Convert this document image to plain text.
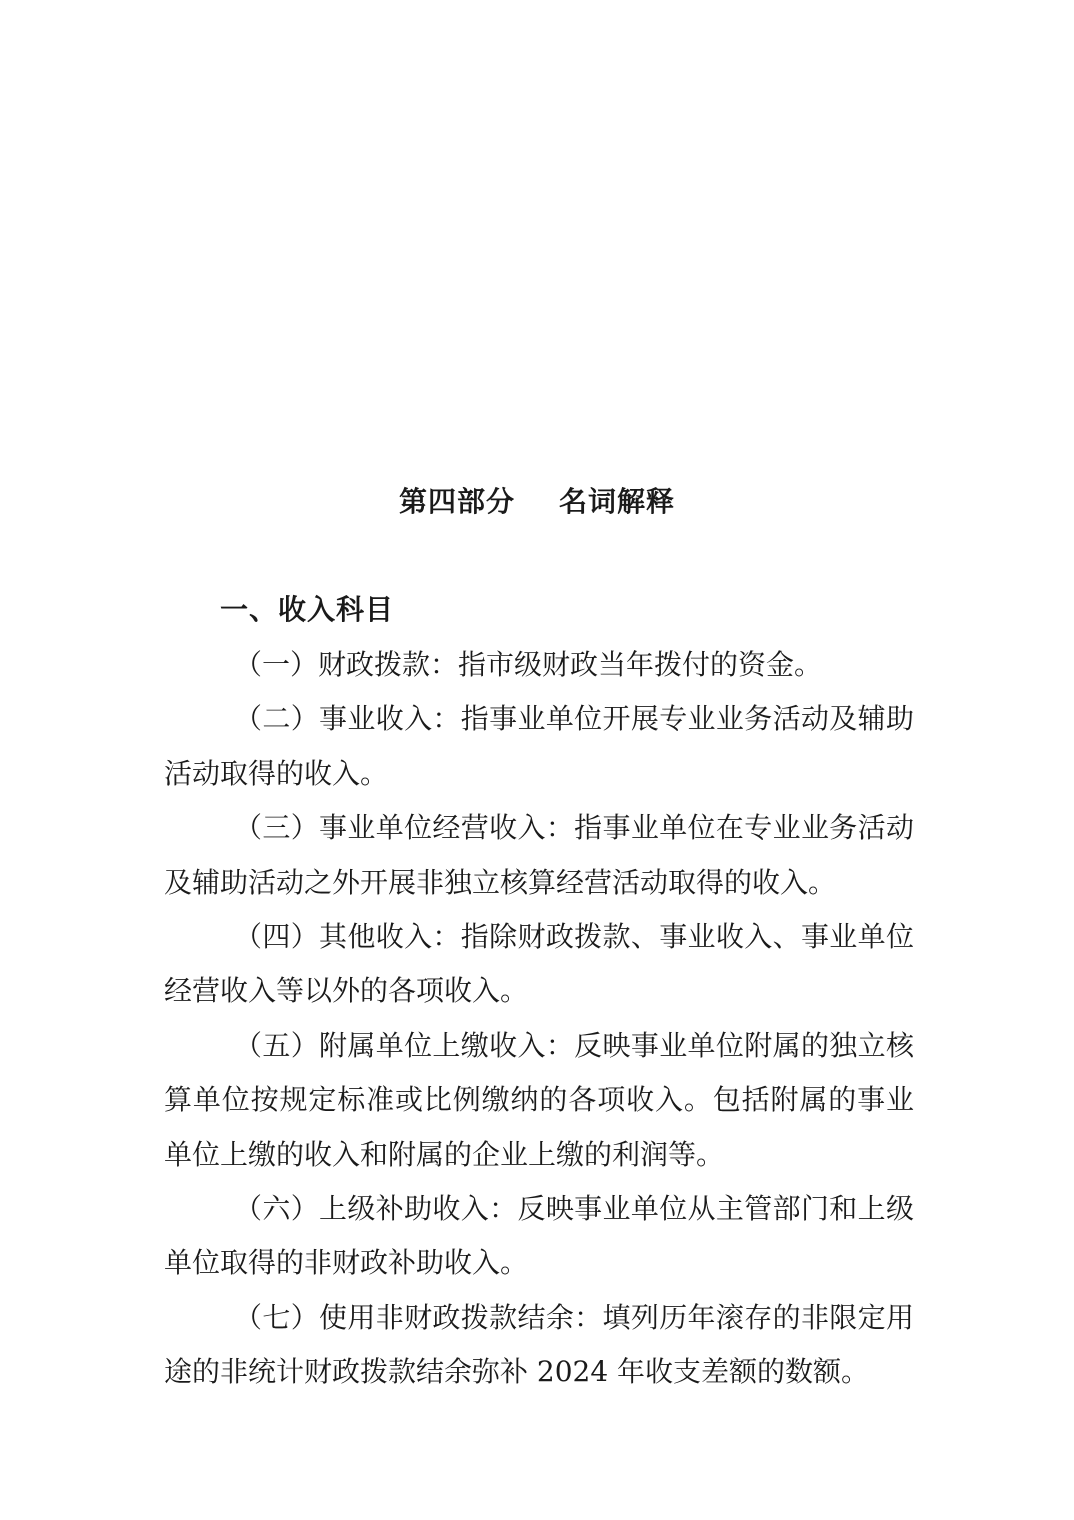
第四部分 名词解释
一、收入科目

（一）财政拨款：指市级财政当年拨付的资金。

（二）事业收入：指事业单位开展专业业务活动及辅助活动取得的收入。

（三）事业单位经营收入：指事业单位在专业业务活动及辅助活动之外开展非独立核算经营活动取得的收入。

（四）其他收入：指除财政拨款、事业收入、事业单位经营收入等以外的各项收入。

（五）附属单位上缴收入：反映事业单位附属的独立核算单位按规定标准或比例缴纳的各项收入。包括附属的事业单位上缴的收入和附属的企业上缴的利润等。

（六）上级补助收入：反映事业单位从主管部门和上级单位取得的非财政补助收入。

（七）使用非财政拨款结余：填列历年滚存的非限定用途的非统计财政拨款结余弥补 2024 年收支差额的数额。
